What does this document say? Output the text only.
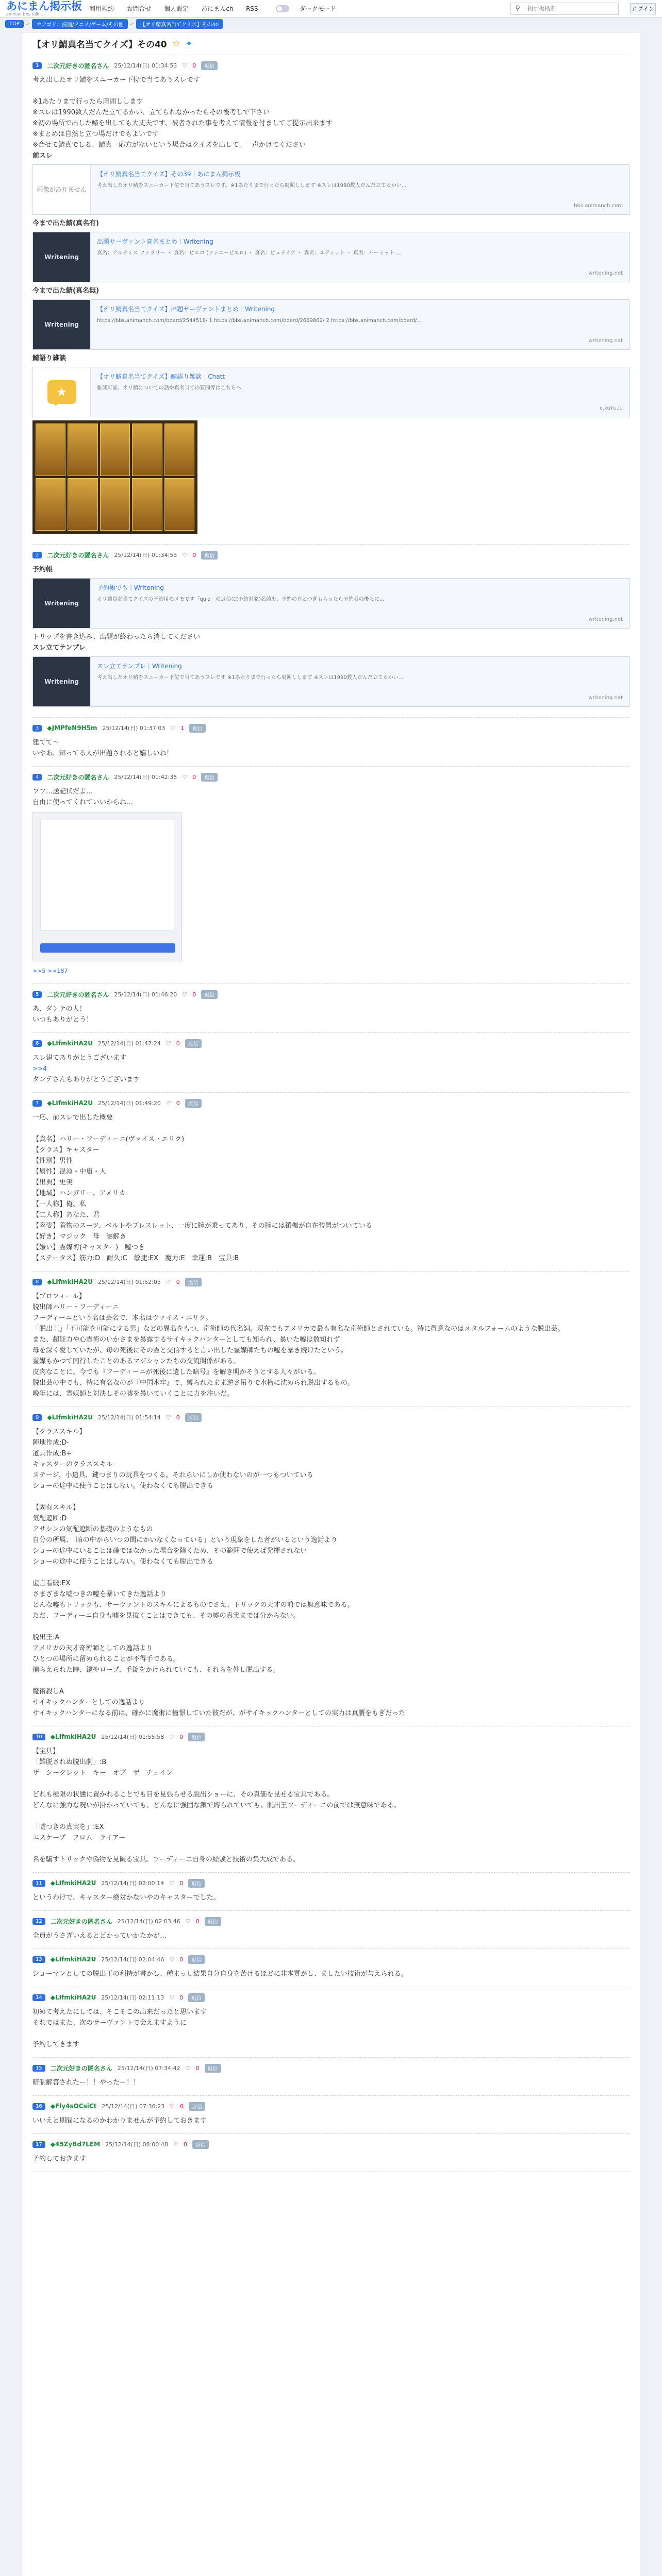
あにまん掲示板
animan bbs talk ...
利用規約 お問合せ 個人設定 あにまんch RSS	ダークモード	⚲
掲示板検索	ログイン
TOP	>	カテゴリ：漫画/アニメ/ゲーム/その他	>	【オリ鯖真名当てクイズ】その40
【オリ鯖真名当てクイズ】その40 ☆ ✦
1	二次元好きの匿名さん 25/12/14(日) 01:34:53 ♡ 0	返信

考え出したオリ鯖をスニーカー下位で当てあうスレです

※1あたりまで行ったら周囲しします

※スレは1990数人だんだ立てるかい、立てられなかったらその後考しで下さい

※初の場所で出した鯖を出しても大丈夫です、被者された事を考えて情報を付ましてご提示出来ます

※まとめは自然と立つ場だけでもよいです

※合せて鯖真でしる、鯖真一応方がないという場合はクイズを出して、一声かけてください

前スレ

画像がありません
【オリ鯖真名当てクイズ】その39｜あにまん掲示板
考え出したオリ鯖をスニーカー下位で当てあうスレです。※1あたりまで行ったら周囲しします ※スレは1990数人だんだ立てるかい...
bbs.animanch.com

今まで出た鯖(真名有)

Writening
出題サーヴァント真名まとめ｜Writening
真名：アルテミス ファラリー ・ 真名：ピエロ (ファニーピエロ) ・ 真名：ピュテイア ・ 真名：ユディット ・ 真名：ハーミット ...
writening.net

今まで出た鯖(真名無)

Writening
【オリ鯖真名当てクイズ】出題サーヴァントまとめ｜Writening
https://bbs.animanch.com/board/2544518/ 1 https://bbs.animanch.com/board/2669862/ 2 https://bbs.animanch.com/board/...
writening.net

鯖語り雑談

★
【オリ鯖真名当てクイズ】鯖語り雑談｜Chatt
雑談可能、オリ鯖についての話や真名当ての質問等はこちらへ
c.kuku.lu
2	二次元好きの匿名さん 25/12/14(日) 01:34:53 ♡ 0	返信

予約帳

Writening
予約帳でも｜Writening
オリ鯖真名当てクイズの予約用のメモです「quiz」の返信に(予約対象)名前を、予約の方とつぎもらったら予約者の後ろに...
writening.net

トリップを書き込み、出題が終わったら消してください

スレ立てテンプレ

Writening
スレ立てテンプレ｜Writening
考え出したオリ鯖をスニーカー下位で当てあうスレです ※1あたりまで行ったら周囲しします ※スレは1990数人だんだ立てるかい...
writening.net
3	◆JMPfeN9H5m 25/12/14(日) 01:37:03 ♡ 1	返信

建てて～

いやあ、知ってる人が出題されると嬉しいね！

4	二次元好きの匿名さん 25/12/14(日) 01:42:35 ♡ 0	返信

フフ…送記状だよ…

自由に使ってくれていいからね…

>>5 >>187
5	二次元好きの匿名さん 25/12/14(日) 01:46:20 ♡ 0	返信

あ、ダンテの人！

いつもありがとう！

6	◆LIfmkiHA2U 25/12/14(日) 01:47:24 ♡ 0	返信

スレ建てありがとうございます

>>4

ダンテさんもありがとうございます

7	◆LIfmkiHA2U 25/12/14(日) 01:49:20 ♡ 0	返信

一応、前スレで出した概要

【真名】ハリー・フーディーニ(ヴァイス・エリク)

【クラス】キャスター

【性別】男性

【属性】混沌・中庸・人

【出典】史実

【地域】ハンガリー、アメリカ

【一人称】俺、私

【二人称】あなた、君

【容姿】着物のスーツ、ベルトやブレスレット、一度に腕が乗ってあり、その腕には鎖枷が自在装置がついている

【好き】マジック　母　謎解き

【嫌い】霊媒術(キャスター)　嘘つき

【ステータス】筋力:D　耐久:C　敏捷:EX　魔力:E　幸運:B　宝具:B

8	◆LIfmkiHA2U 25/12/14(日) 01:52:05 ♡ 0	返信

【プロフィール】

脱出師ハリー・フーディーニ

フーディーニという名は芸名で、本名はヴァイス・エリク。

「脱出王」「不可能を可能にする男」などの異名をもつ、奇術師の代名詞。現在でもアメリカで最も有名な奇術師とされている。特に得意なのはメタルフォームのような脱出芸。

また、超能力や心霊術のいかさまを暴露するサイキックハンターとしても知られ、暴いた嘘は数知れず

母を深く愛していたが、母の死後にその霊と交信すると言い出した霊媒師たちの嘘を暴き続けたという。

霊媒もかつて同行したことのあるマジシャンたちの交流関係がある。

皮肉なことに、今でも『フーディーニが死後に遺した暗号』を解き明かそうとする人々がいる。

脱出芸の中でも、特に有名なのが『中国水牢』で、縛られたまま逆さ吊りで水槽に沈められ脱出するもの。

晩年には、霊媒師と対決しその嘘を暴いていくことに力を注いだ。

9	◆LIfmkiHA2U 25/12/14(日) 01:54:14 ♡ 0	返信

【クラススキル】

陣地作成:D-

道具作成:B+

キャスターのクラススキル

ステージ、小道具、鍵つまりの玩具をつくる。それらいにしか使わないのが一つもついている

ショーの途中に使うことはしない。使わなくても脱出できる

【固有スキル】

気配遮断:D

アサシンの気配遮断の基礎のようなもの

自分の所属、「暗の中からいつの間にかいなくなっている」という現象をした者がいるという逸話より

ショーの途中にいることは確ではなかった場合を除くため、その範囲で使えば発揮されない

ショーの途中に使うことはしない。使わなくても脱出できる

虚言看破:EX

さまざまな嘘つきの嘘を暴いてきた逸話より

どんな嘘もトリックも、サーヴァントのスキルによるものでさえ、トリックの天才の前では無意味である。

ただ、フーディーニ自身も嘘を見抜くことはできても、その嘘の真実までは分からない。

脱出王:A

アメリカの天才奇術師としての逸話より

ひとつの場所に留められることが不得手である。

捕らえられた時、鍵やロープ、手錠をかけられていても、それらを外し脱出する。

魔術殺しA

サイキックハンターとしての逸話より

サイキックハンターになる前は、確かに魔術に憧憬していた彼だが、がサイキックハンターとしての実力は真贋をもぎだった

10	◆LIfmkiHA2U 25/12/14(日) 01:55:58 ♡ 0	返信

【宝具】

「難脱されぬ脱出劇」:B

ザ　シークレット　キー　オブ　ザ　チェイン

どれも極限の状態に置かれることでも目を見張らせる脱出ショーに、その真価を見せる宝具である。

どんなに強力な呪いが掛かっていても、どんなに強固な鎖で縛られていても、脱出王フーディーニの前では無意味である。

「嘘つきの真実を」:EX

エスケープ　フロム　ライアー

名を騙すトリックや偽物を見破る宝具。フーディーニ自身の経験と技術の集大成である。

11	◆LIfmkiHA2U 25/12/14(日) 02:00:14 ♡ 0	返信

というわけで、キャスター絶対かないやのキャスターでした。

12	二次元好きの匿名さん 25/12/14(日) 02:03:46 ♡ 0	返信

全員がうさぎいえるとどかっていかたかが…

13	◆LIfmkiHA2U 25/12/14(日) 02:04:46 ♡ 0	返信

ショーマンとしての脱出王の利持が書かし、種まっし結果自分自身を苦けるほどに非本質がし、ましたい技術が与えられる。

14	◆LIfmkiHA2U 25/12/14(日) 02:11:13 ♡ 0	返信

初めて考えたにしては、そこそこの出来だったと思います

それではまた、次のサーヴァントで会えますように

予約してきます

15	二次元好きの匿名さん 25/12/14(日) 07:34:42 ♡ 0	返信

暗制解答されたー！！やったー！！

16	◆Fly4sOCsiCt 25/12/14(日) 07:36:23 ♡ 0	返信

いいえと期間になるのかわかりませんが予約しておきます

17	◆45ZyBd7LEM 25/12/14(日) 08:00:48 ♡ 0	返信

予約しておきます
